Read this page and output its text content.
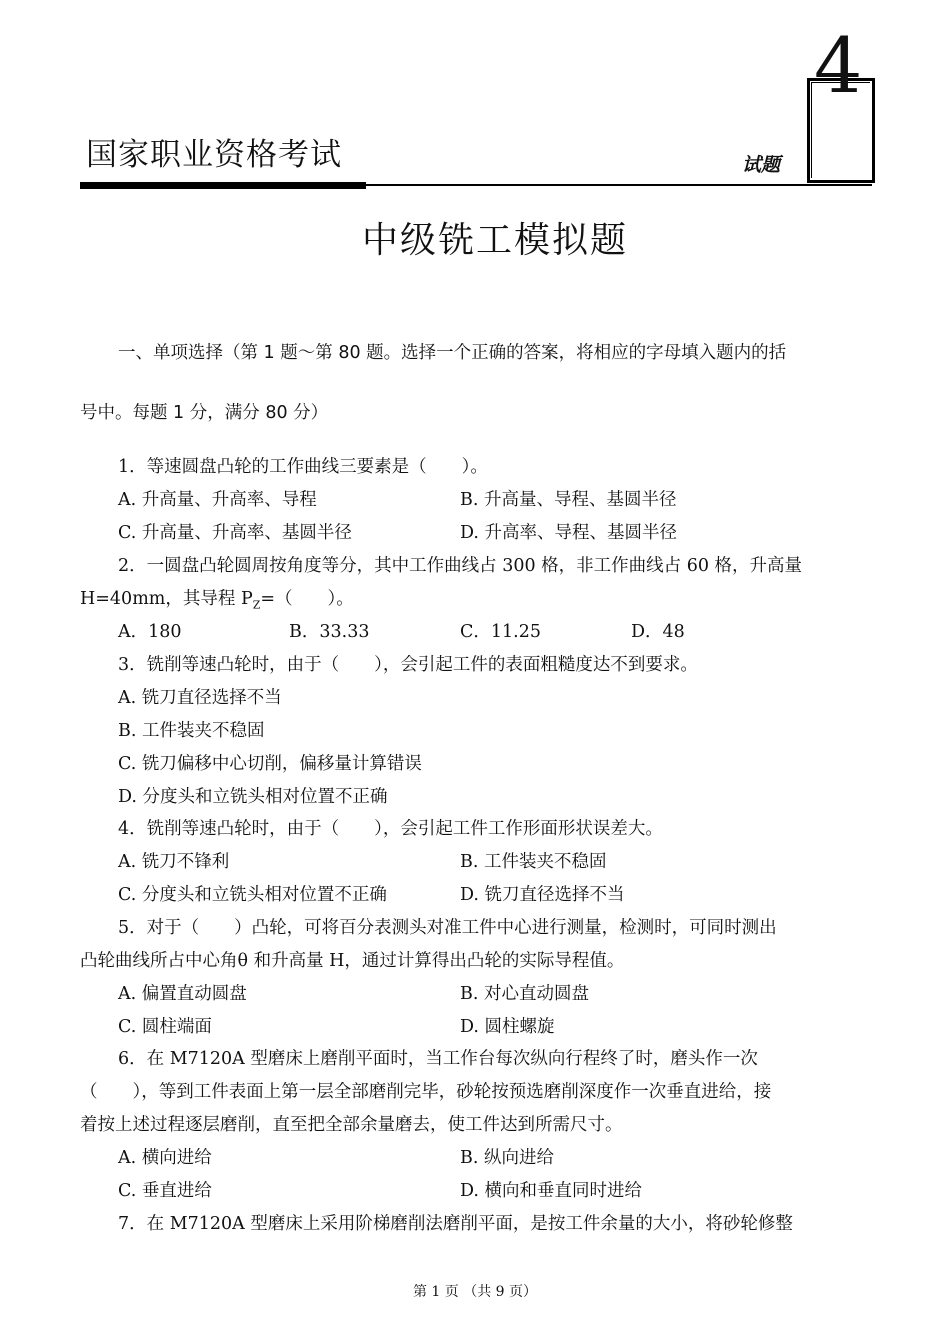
国家职业资格考试	试题
4
中级铣工模拟题
一、单项选择（第 1 题～第 80 题。选择一个正确的答案，将相应的字母填入题内的括
号中。每题 1 分，满分 80 分）
1．等速圆盘凸轮的工作曲线三要素是（　　）。
A. 升高量、升高率、导程	B. 升高量、导程、基圆半径
C. 升高量、升高率、基圆半径	D. 升高率、导程、基圆半径
2．一圆盘凸轮圆周按角度等分，其中工作曲线占 300 格，非工作曲线占 60 格，升高量
H=40mm，其导程 $P_Z=$（　　）。
A．180	B．33.33	C．11.25	D．48
3．铣削等速凸轮时，由于（　　），会引起工件的表面粗糙度达不到要求。
A. 铣刀直径选择不当
B. 工件装夹不稳固
C. 铣刀偏移中心切削，偏移量计算错误
D. 分度头和立铣头相对位置不正确
4．铣削等速凸轮时，由于（　　），会引起工件工作形面形状误差大。
A. 铣刀不锋利	B. 工件装夹不稳固
C. 分度头和立铣头相对位置不正确	D. 铣刀直径选择不当
5．对于（　　）凸轮，可将百分表测头对准工件中心进行测量，检测时，可同时测出
凸轮曲线所占中心角θ 和升高量 H，通过计算得出凸轮的实际导程值。
A. 偏置直动圆盘	B. 对心直动圆盘
C. 圆柱端面	D. 圆柱螺旋
6．在 M7120A 型磨床上磨削平面时，当工作台每次纵向行程终了时，磨头作一次
（　　），等到工件表面上第一层全部磨削完毕，砂轮按预选磨削深度作一次垂直进给，接
着按上述过程逐层磨削，直至把全部余量磨去，使工件达到所需尺寸。
A. 横向进给	B. 纵向进给
C. 垂直进给	D. 横向和垂直同时进给
7．在 M7120A 型磨床上采用阶梯磨削法磨削平面，是按工件余量的大小，将砂轮修整
第 1 页 （共 9 页）
